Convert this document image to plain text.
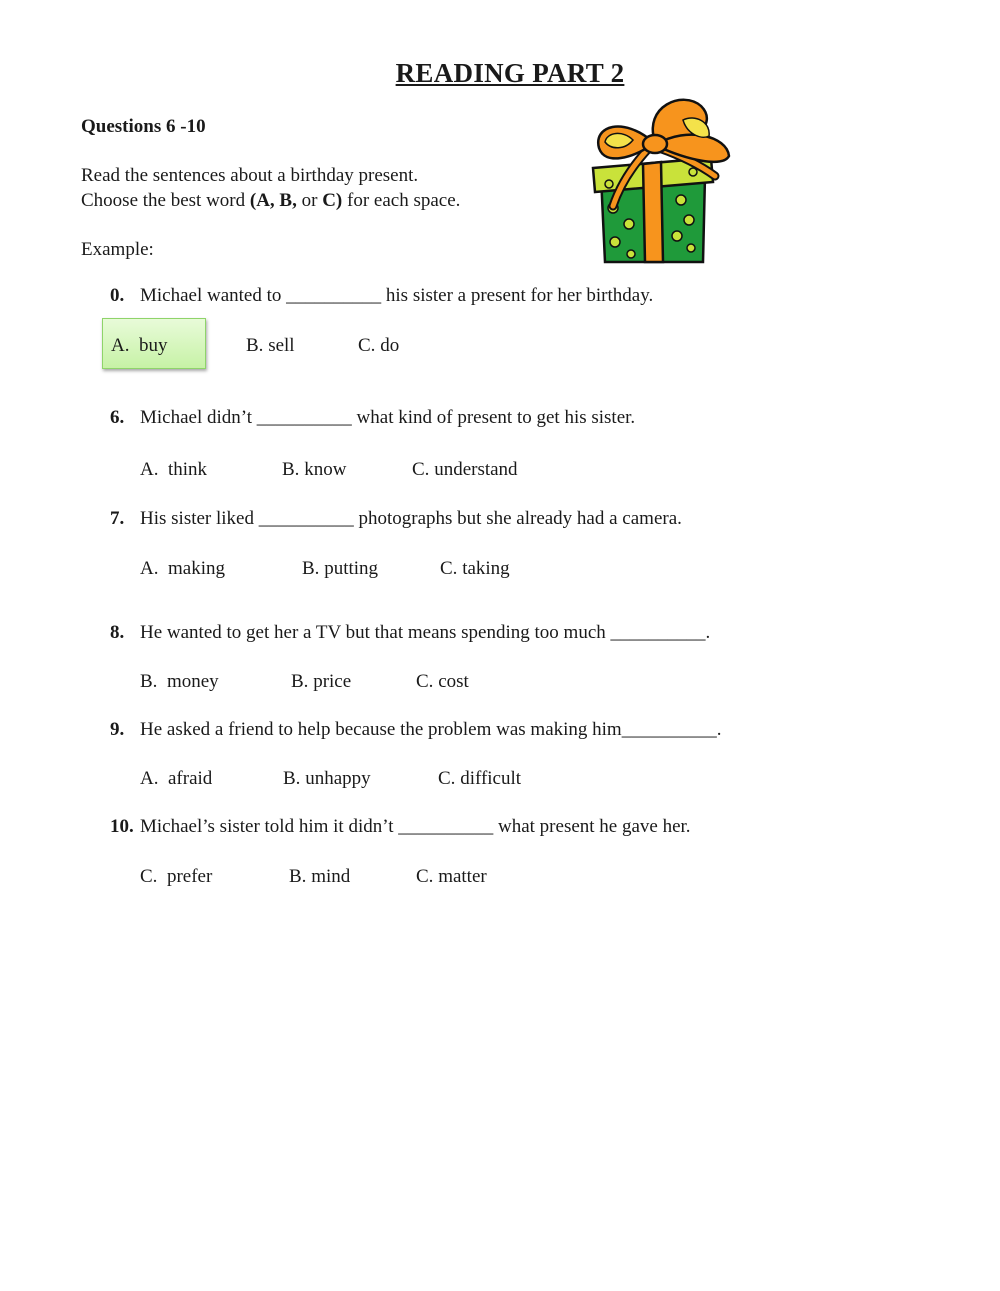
READING PART 2
Questions 6 -10
Read the sentences about a birthday present.
Choose the best word (A, B, or C) for each space.
Example:
0. Michael wanted to __________ his sister a present for her birthday.
A. buy	B. sell	C. do
6. Michael didn’t __________ what kind of present to get his sister.
A. think	B. know	C. understand
7. His sister liked __________ photographs but she already had a camera.
A. making	B. putting	C. taking
8. He wanted to get her a TV but that means spending too much __________.
B. money	B. price	C. cost
9. He asked a friend to help because the problem was making him__________.
A. afraid	B. unhappy	C. difficult
10. Michael’s sister told him it didn’t __________ what present he gave her.
C. prefer	B. mind	C. matter
